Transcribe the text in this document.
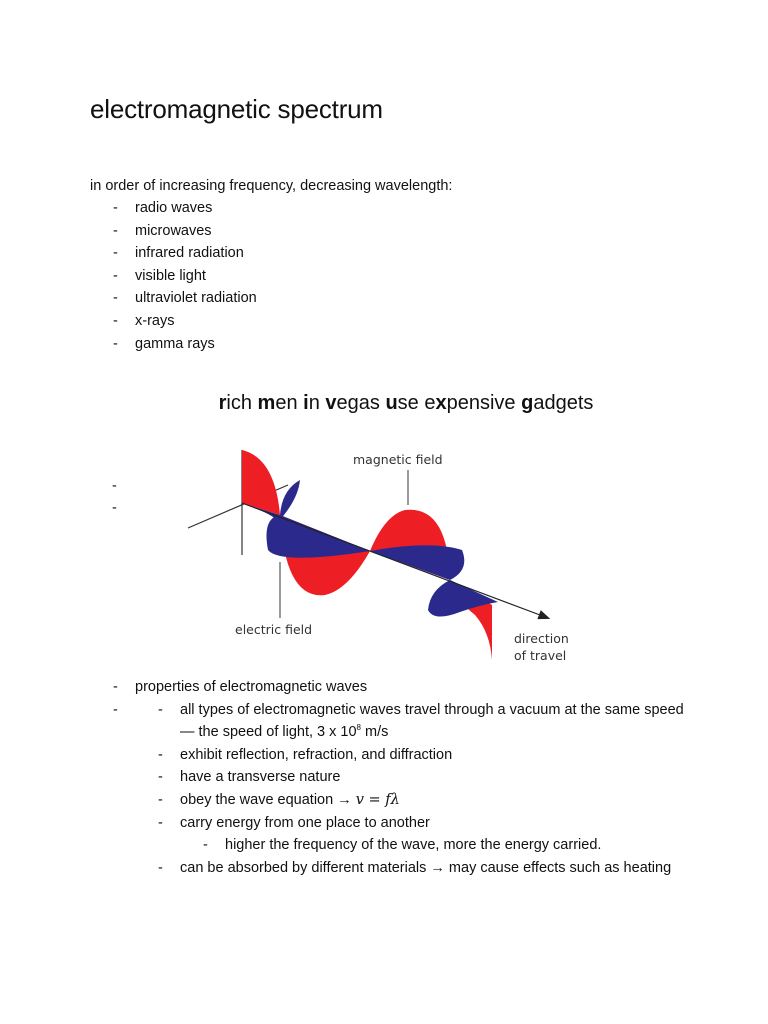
electromagnetic spectrum
in order of increasing frequency, decreasing wavelength:
- radio waves
- microwaves
- infrared radiation
- visible light
- ultraviolet radiation
- x-rays
- gamma rays

rich men in vegas use expensive gadgets

-
-
magnetic field
electric field
direction
of travel
- properties of electromagnetic waves
- - all types of electromagnetic waves travel through a vacuum at the same speed — the speed of light, 3 x $10^8$ m/s
- exhibit reflection, refraction, and diffraction
- have a transverse nature
- obey the wave equation → v = fλ
- carry energy from one place to another
- higher the frequency of the wave, more the energy carried.
- can be absorbed by different materials → may cause effects such as heating
